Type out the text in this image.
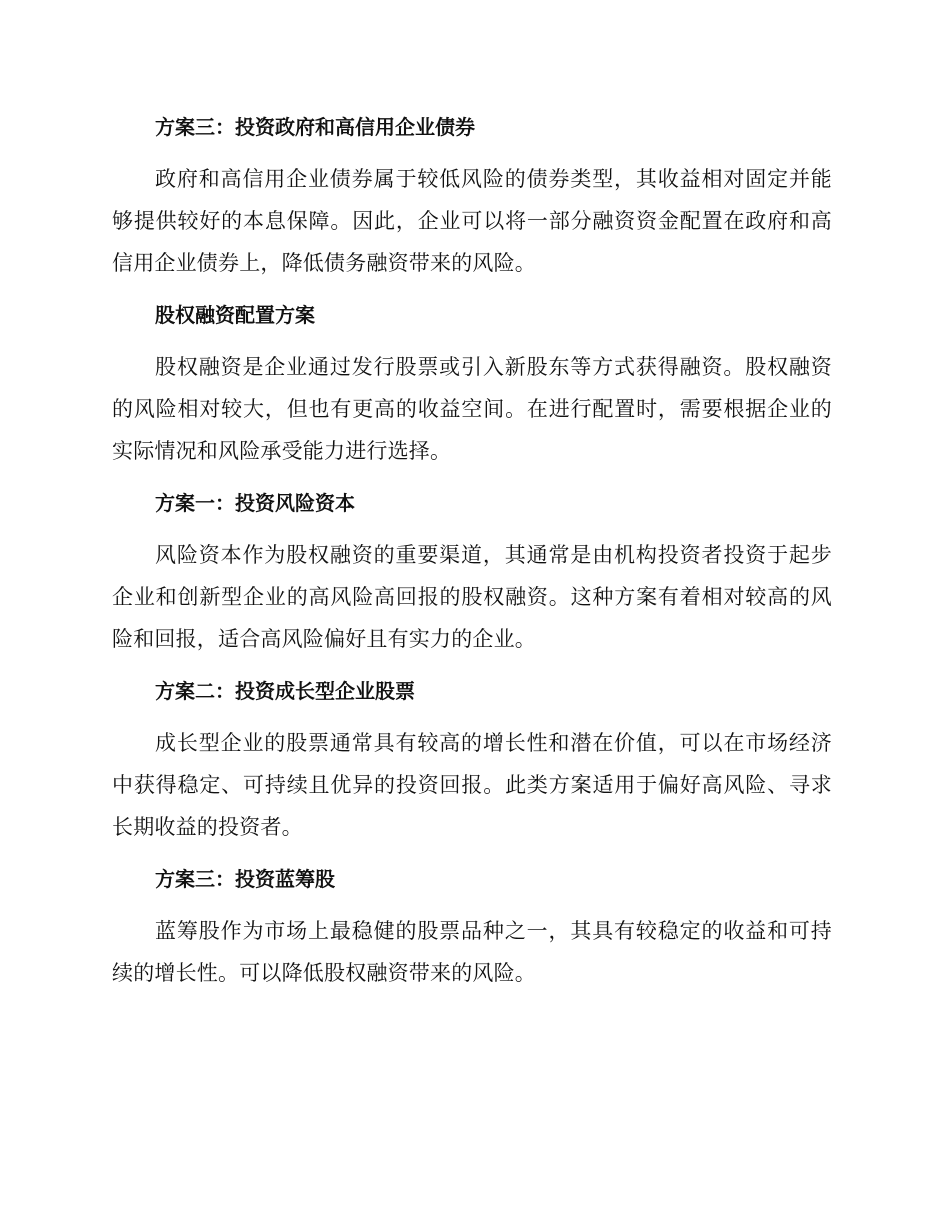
方案三：投资政府和高信用企业债券

政府和高信用企业债券属于较低风险的债券类型，其收益相对固定并能够提供较好的本息保障。因此，企业可以将一部分融资资金配置在政府和高信用企业债券上，降低债务融资带来的风险。

股权融资配置方案

股权融资是企业通过发行股票或引入新股东等方式获得融资。股权融资的风险相对较大，但也有更高的收益空间。在进行配置时，需要根据企业的实际情况和风险承受能力进行选择。

方案一：投资风险资本

风险资本作为股权融资的重要渠道，其通常是由机构投资者投资于起步企业和创新型企业的高风险高回报的股权融资。这种方案有着相对较高的风险和回报，适合高风险偏好且有实力的企业。

方案二：投资成长型企业股票

成长型企业的股票通常具有较高的增长性和潜在价值，可以在市场经济中获得稳定、可持续且优异的投资回报。此类方案适用于偏好高风险、寻求长期收益的投资者。

方案三：投资蓝筹股

蓝筹股作为市场上最稳健的股票品种之一，其具有较稳定的收益和可持续的增长性。可以降低股权融资带来的风险。
